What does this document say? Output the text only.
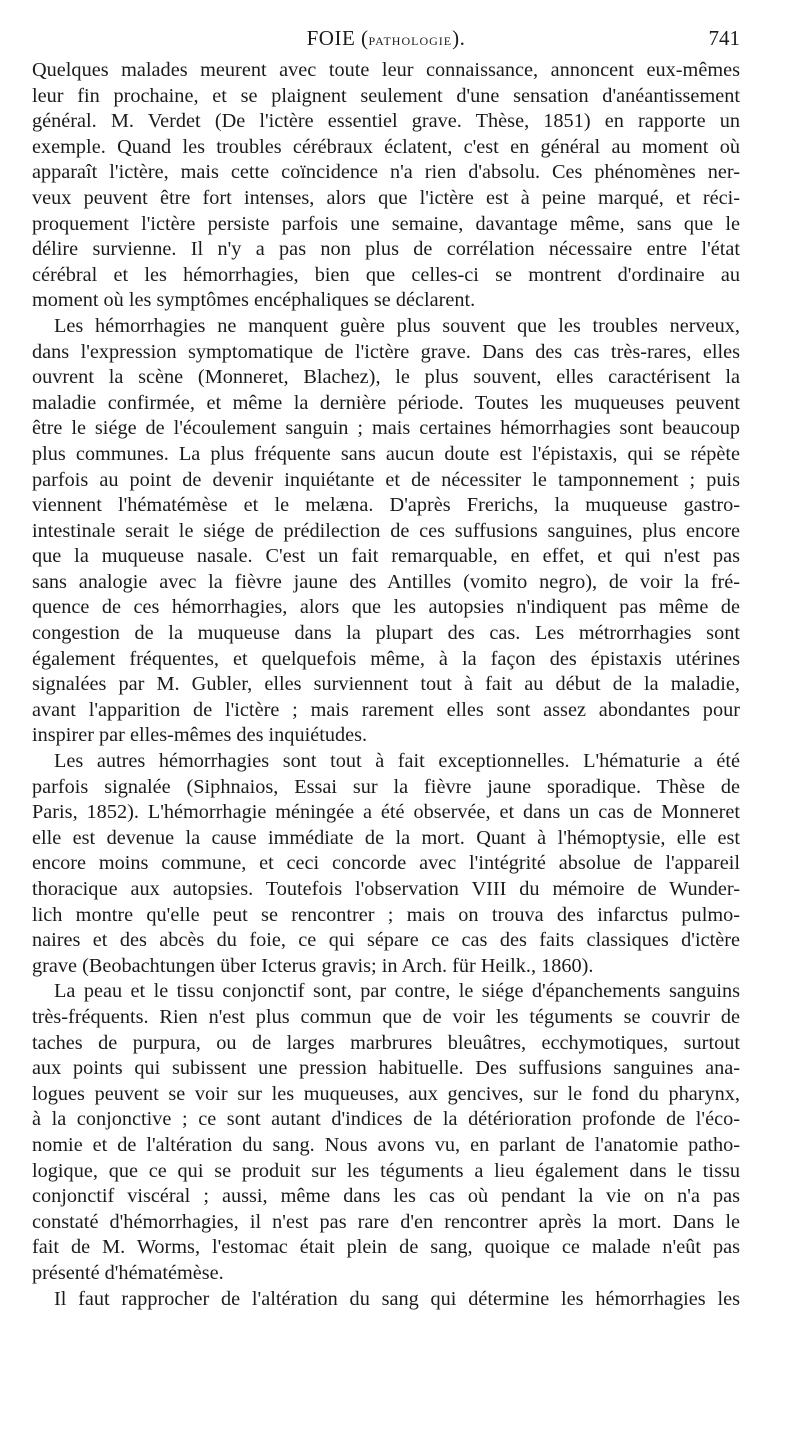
FOIE (pathologie).	741
Quelques malades meurent avec toute leur connaissance, annoncent eux-mêmes
leur fin prochaine, et se plaignent seulement d'une sensation d'anéantissement
général. M. Verdet (De l'ictère essentiel grave. Thèse, 1851) en rapporte un
exemple. Quand les troubles cérébraux éclatent, c'est en général au moment où
apparaît l'ictère, mais cette coïncidence n'a rien d'absolu. Ces phénomènes ner-
veux peuvent être fort intenses, alors que l'ictère est à peine marqué, et réci-
proquement l'ictère persiste parfois une semaine, davantage même, sans que le
délire survienne. Il n'y a pas non plus de corrélation nécessaire entre l'état
cérébral et les hémorrhagies, bien que celles-ci se montrent d'ordinaire au
moment où les symptômes encéphaliques se déclarent.
Les hémorrhagies ne manquent guère plus souvent que les troubles nerveux,
dans l'expression symptomatique de l'ictère grave. Dans des cas très-rares, elles
ouvrent la scène (Monneret, Blachez), le plus souvent, elles caractérisent la
maladie confirmée, et même la dernière période. Toutes les muqueuses peuvent
être le siége de l'écoulement sanguin ; mais certaines hémorrhagies sont beaucoup
plus communes. La plus fréquente sans aucun doute est l'épistaxis, qui se répète
parfois au point de devenir inquiétante et de nécessiter le tamponnement ; puis
viennent l'hématémèse et le melæna. D'après Frerichs, la muqueuse gastro-
intestinale serait le siége de prédilection de ces suffusions sanguines, plus encore
que la muqueuse nasale. C'est un fait remarquable, en effet, et qui n'est pas
sans analogie avec la fièvre jaune des Antilles (vomito negro), de voir la fré-
quence de ces hémorrhagies, alors que les autopsies n'indiquent pas même de
congestion de la muqueuse dans la plupart des cas. Les métrorrhagies sont
également fréquentes, et quelquefois même, à la façon des épistaxis utérines
signalées par M. Gubler, elles surviennent tout à fait au début de la maladie,
avant l'apparition de l'ictère ; mais rarement elles sont assez abondantes pour
inspirer par elles-mêmes des inquiétudes.
Les autres hémorrhagies sont tout à fait exceptionnelles. L'hématurie a été
parfois signalée (Siphnaios, Essai sur la fièvre jaune sporadique. Thèse de
Paris, 1852). L'hémorrhagie méningée a été observée, et dans un cas de Monneret
elle est devenue la cause immédiate de la mort. Quant à l'hémoptysie, elle est
encore moins commune, et ceci concorde avec l'intégrité absolue de l'appareil
thoracique aux autopsies. Toutefois l'observation VIII du mémoire de Wunder-
lich montre qu'elle peut se rencontrer ; mais on trouva des infarctus pulmo-
naires et des abcès du foie, ce qui sépare ce cas des faits classiques d'ictère
grave (Beobachtungen über Icterus gravis; in Arch. für Heilk., 1860).
La peau et le tissu conjonctif sont, par contre, le siége d'épanchements sanguins
très-fréquents. Rien n'est plus commun que de voir les téguments se couvrir de
taches de purpura, ou de larges marbrures bleuâtres, ecchymotiques, surtout
aux points qui subissent une pression habituelle. Des suffusions sanguines ana-
logues peuvent se voir sur les muqueuses, aux gencives, sur le fond du pharynx,
à la conjonctive ; ce sont autant d'indices de la détérioration profonde de l'éco-
nomie et de l'altération du sang. Nous avons vu, en parlant de l'anatomie patho-
logique, que ce qui se produit sur les téguments a lieu également dans le tissu
conjonctif viscéral ; aussi, même dans les cas où pendant la vie on n'a pas
constaté d'hémorrhagies, il n'est pas rare d'en rencontrer après la mort. Dans le
fait de M. Worms, l'estomac était plein de sang, quoique ce malade n'eût pas
présenté d'hématémèse.
Il faut rapprocher de l'altération du sang qui détermine les hémorrhagies les
